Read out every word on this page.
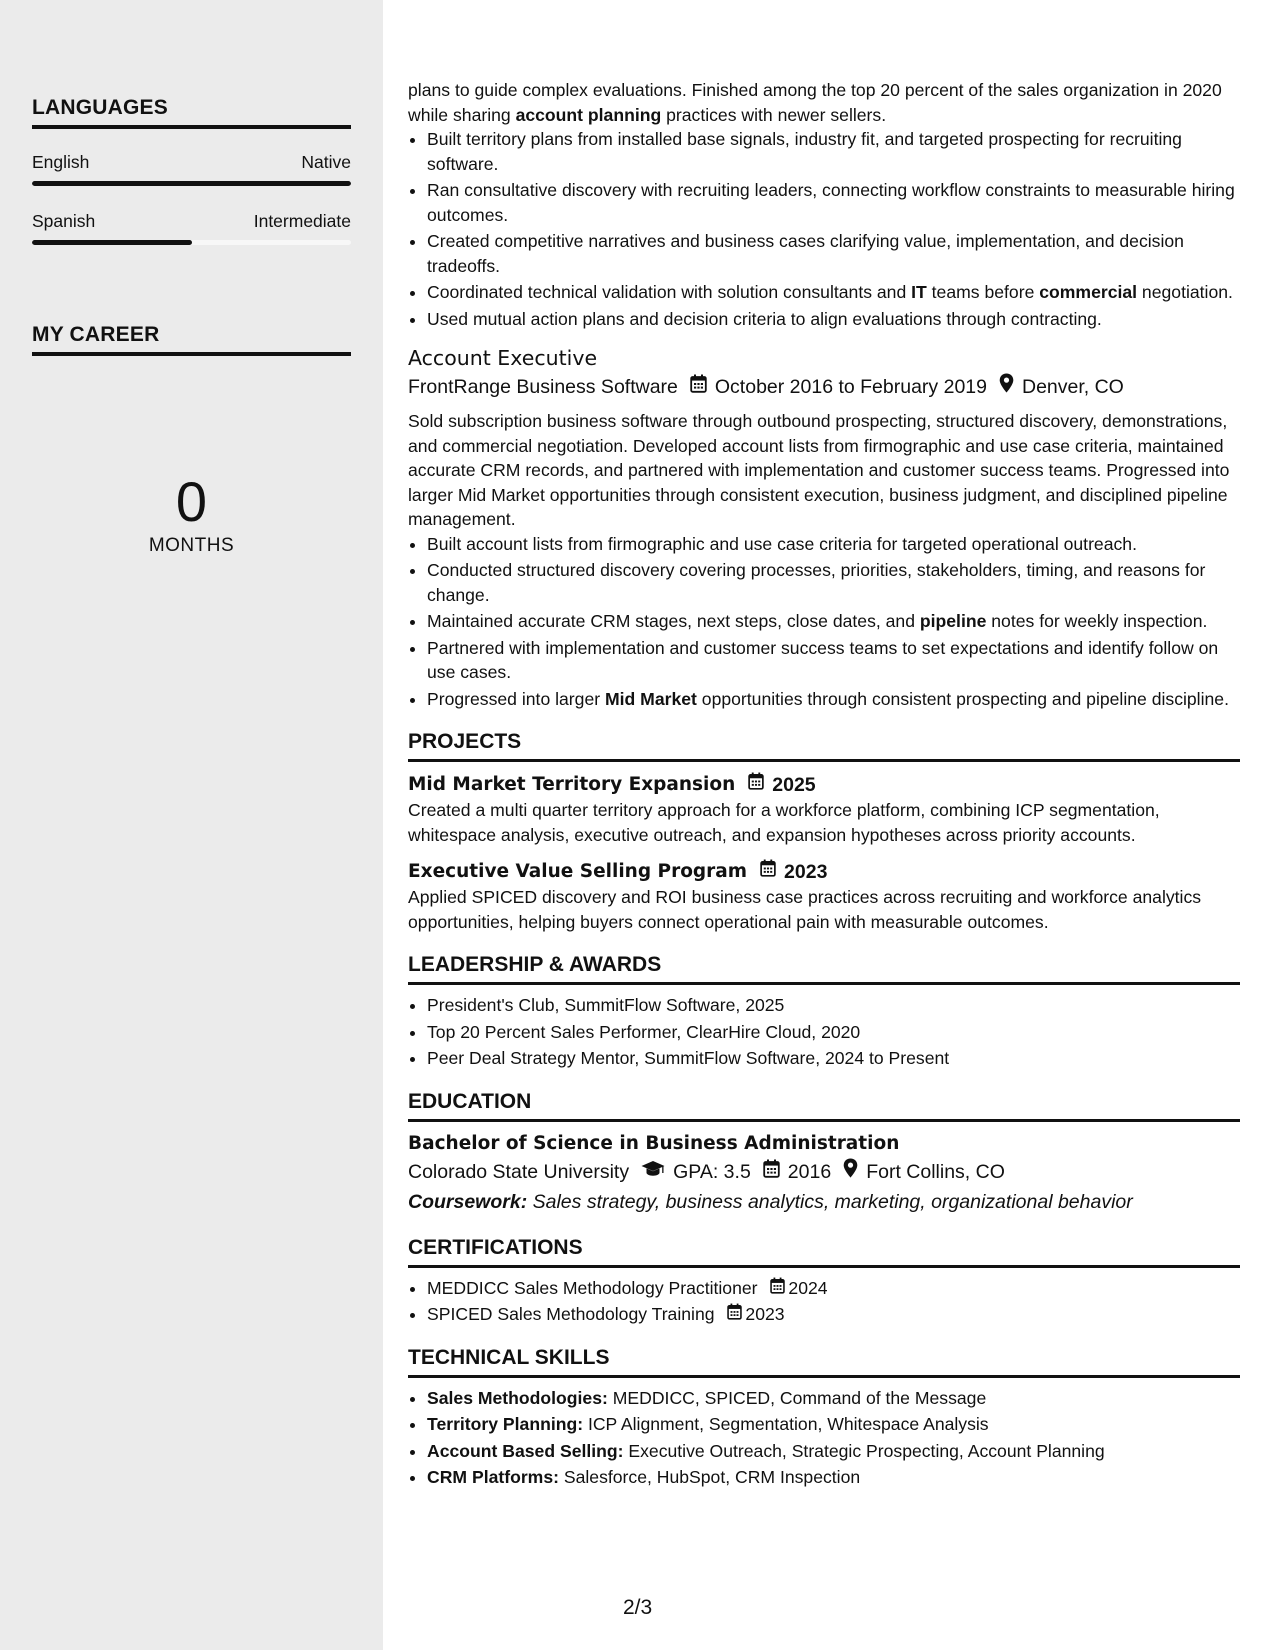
LANGUAGES
English	Native
Spanish	Intermediate
MY CAREER
0
MONTHS

plans to guide complex evaluations. Finished among the top 20 percent of the sales organization in 2020 while sharing account planning practices with newer sellers.

• Built territory plans from installed base signals, industry fit, and targeted prospecting for recruiting software.
• Ran consultative discovery with recruiting leaders, connecting workflow constraints to measurable hiring outcomes.
• Created competitive narratives and business cases clarifying value, implementation, and decision tradeoffs.
• Coordinated technical validation with solution consultants and IT teams before commercial negotiation.
• Used mutual action plans and decision criteria to align evaluations through contracting.
Account Executive
FrontRange Business Software October 2016 to February 2019 Denver, CO

Sold subscription business software through outbound prospecting, structured discovery, demonstrations, and commercial negotiation. Developed account lists from firmographic and use case criteria, maintained accurate CRM records, and partnered with implementation and customer success teams. Progressed into larger Mid Market opportunities through consistent execution, business judgment, and disciplined pipeline management.

• Built account lists from firmographic and use case criteria for targeted operational outreach.
• Conducted structured discovery covering processes, priorities, stakeholders, timing, and reasons for change.
• Maintained accurate CRM stages, next steps, close dates, and pipeline notes for weekly inspection.
• Partnered with implementation and customer success teams to set expectations and identify follow on use cases.
• Progressed into larger Mid Market opportunities through consistent prospecting and pipeline discipline.
PROJECTS
Mid Market Territory Expansion 2025

Created a multi quarter territory approach for a workforce platform, combining ICP segmentation, whitespace analysis, executive outreach, and expansion hypotheses across priority accounts.

Executive Value Selling Program 2023

Applied SPICED discovery and ROI business case practices across recruiting and workforce analytics opportunities, helping buyers connect operational pain with measurable outcomes.

LEADERSHIP & AWARDS
• President's Club, SummitFlow Software, 2025
• Top 20 Percent Sales Performer, ClearHire Cloud, 2020
• Peer Deal Strategy Mentor, SummitFlow Software, 2024 to Present
EDUCATION
Bachelor of Science in Business Administration
Colorado State University GPA: 3.5 2016 Fort Collins, CO
Coursework: Sales strategy, business analytics, marketing, organizational behavior
CERTIFICATIONS
• MEDDICC Sales Methodology Practitioner 2024
• SPICED Sales Methodology Training 2023
TECHNICAL SKILLS
• Sales Methodologies: MEDDICC, SPICED, Command of the Message
• Territory Planning: ICP Alignment, Segmentation, Whitespace Analysis
• Account Based Selling: Executive Outreach, Strategic Prospecting, Account Planning
• CRM Platforms: Salesforce, HubSpot, CRM Inspection
2/3
